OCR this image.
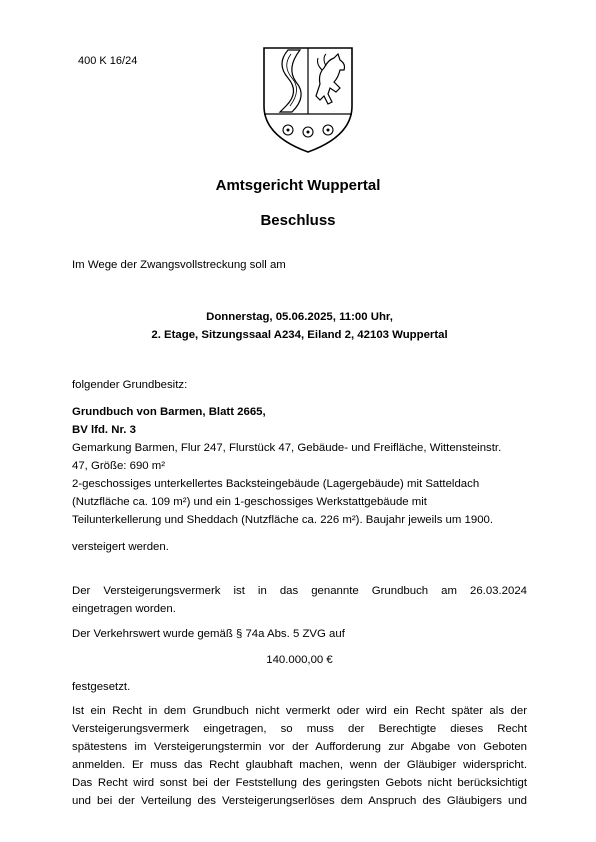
400 K 16/24
Amtsgericht Wuppertal
Beschluss
Im Wege der Zwangsvollstreckung soll am
Donnerstag, 05.06.2025, 11:00 Uhr,
2. Etage, Sitzungssaal A234, Eiland 2, 42103 Wuppertal
folgender Grundbesitz:
Grundbuch von Barmen, Blatt 2665,
BV lfd. Nr. 3
Gemarkung Barmen, Flur 247, Flurstück 47, Gebäude- und Freifläche, Wittensteinstr.
47, Größe: 690 m²
2-geschossiges unterkellertes Backsteingebäude (Lagergebäude) mit Satteldach
(Nutzfläche ca. 109 m²) und ein 1-geschossiges Werkstattgebäude mit
Teilunterkellerung und Sheddach (Nutzfläche ca. 226 m²). Baujahr jeweils um 1900.
versteigert werden.
Der Versteigerungsvermerk ist in das genannte Grundbuch am 26.03.2024
eingetragen worden.
Der Verkehrswert wurde gemäß § 74a Abs. 5 ZVG auf
140.000,00 €
festgesetzt.
Ist ein Recht in dem Grundbuch nicht vermerkt oder wird ein Recht später als der
Versteigerungsvermerk eingetragen, so muss der Berechtigte dieses Recht
spätestens im Versteigerungstermin vor der Aufforderung zur Abgabe von Geboten
anmelden. Er muss das Recht glaubhaft machen, wenn der Gläubiger widerspricht.
Das Recht wird sonst bei der Feststellung des geringsten Gebots nicht berücksichtigt
und bei der Verteilung des Versteigerungserlöses dem Anspruch des Gläubigers und
